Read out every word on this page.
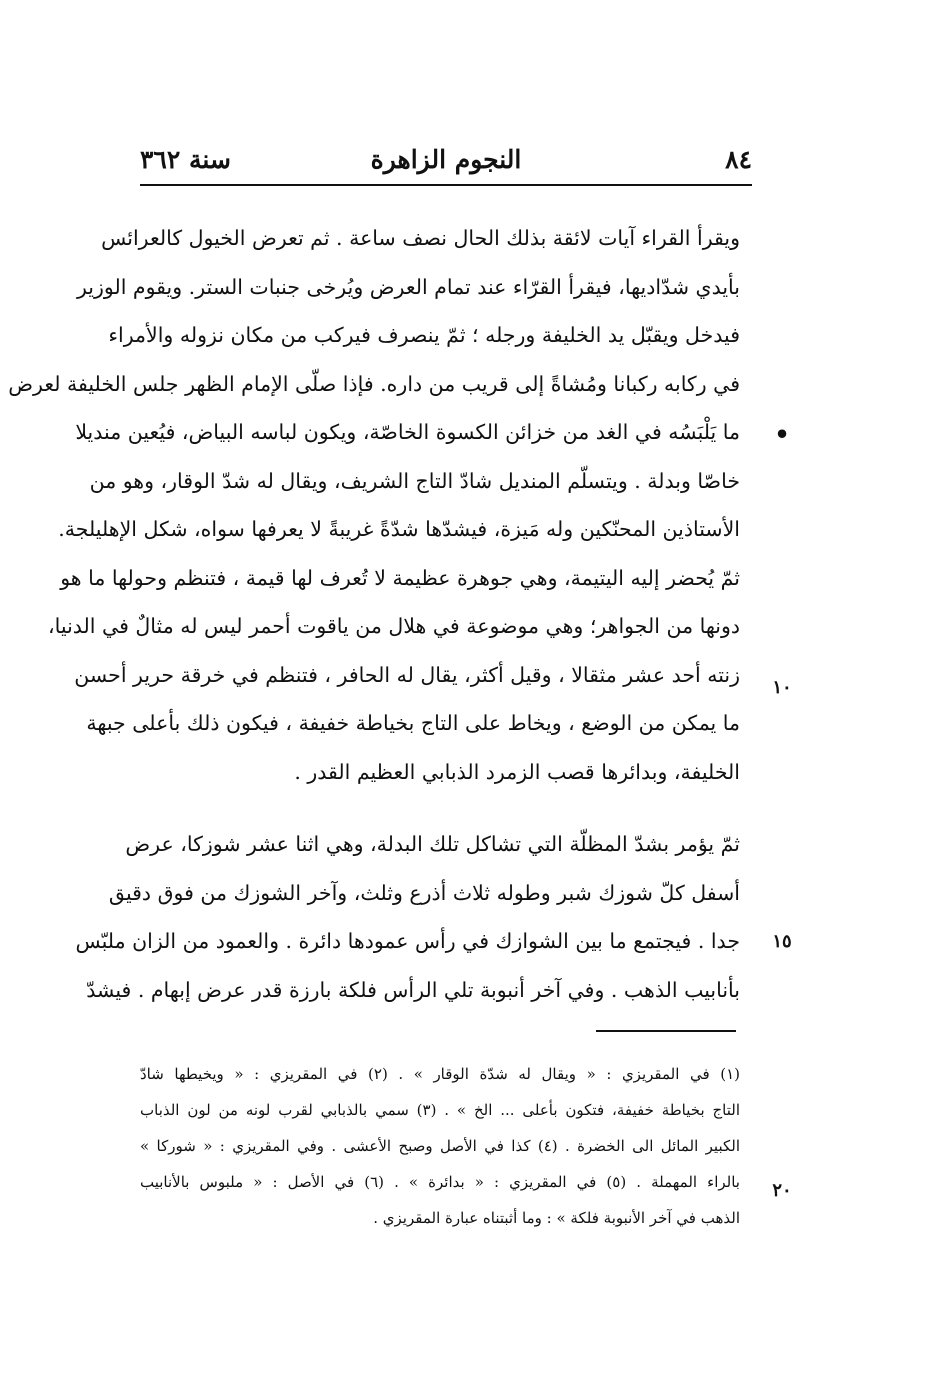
٨٤
النجوم الزاهرة
سنة ٣٦٢
•
١٠
١٥
٢٠
ويقرأ القراء آيات لائقة بذلك الحال نصف ساعة . ثم تعرض الخيول كالعرائس
بأيدي شدّاديها، فيقرأ القرّاء عند تمام العرض ويُرخى جنبات الستر. ويقوم الوزير
فيدخل ويقبّل يد الخليفة ورجله ؛ ثمّ ينصرف فيركب من مكان نزوله والأمراء
في ركابه ركبانا ومُشاةً إلى قريب من داره. فإذا صلّى الإمام الظهر جلس الخليفة لعرض
ما يَلْبَسُه في الغد من خزائن الكسوة الخاصّة، ويكون لباسه البياض، فيُعين منديلا
خاصّا وبدلة . ويتسلّم المنديل شادّ التاج الشريف، ويقال له شدّ الوقار، وهو من
الأستاذين المحنّكين وله مَيزة، فيشدّها شدّةً غريبةً لا يعرفها سواه، شكل الإهليلجة.
ثمّ يُحضر إليه اليتيمة، وهي جوهرة عظيمة لا تُعرف لها قيمة ، فتنظم وحولها ما هو
دونها من الجواهر؛ وهي موضوعة في هلال من ياقوت أحمر ليس له مثالٌ في الدنيا،
زنته أحد عشر مثقالا ، وقيل أكثر، يقال له الحافر ، فتنظم في خرقة حرير أحسن
ما يمكن من الوضع ، ويخاط على التاج بخياطة خفيفة ، فيكون ذلك بأعلى جبهة
الخليفة، وبدائرها قصب الزمرد الذبابي العظيم القدر .
ثمّ يؤمر بشدّ المظلّة التي تشاكل تلك البدلة، وهي اثنا عشر شوزكا، عرض
أسفل كلّ شوزك شبر وطوله ثلاث أذرع وثلث، وآخر الشوزك من فوق دقيق
جدا . فيجتمع ما بين الشوازك في رأس عمودها دائرة . والعمود من الزان ملبّس
بأنابيب الذهب . وفي آخر أنبوبة تلي الرأس فلكة بارزة قدر عرض إبهام . فيشدّ
(١) في المقريزي : « ويقال له شدّة الوقار » . (٢) في المقريزي : « ويخيطها شادّ
التاج بخياطة خفيفة، فتكون بأعلى ... الخ » . (٣) سمي بالذبابي لقرب لونه من لون الذباب
الكبير المائل الى الخضرة . (٤) كذا في الأصل وصبح الأعشى . وفي المقريزي : « شوركا »
بالراء المهملة . (٥) في المقريزي : « بدائرة » . (٦) في الأصل : « ملبوس بالأنابيب
الذهب في آخر الأنبوبة فلكة » : وما أثبتناه عبارة المقريزي .
